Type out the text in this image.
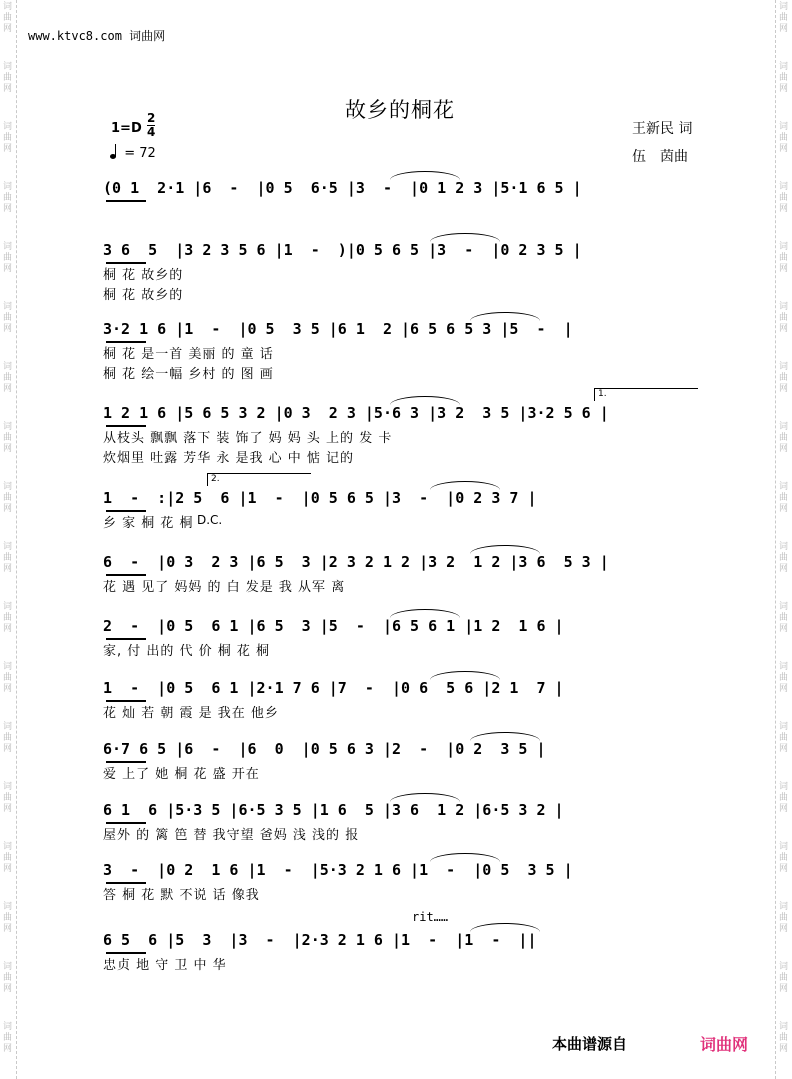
词曲网
词曲网
词曲网
词曲网
词曲网
词曲网
词曲网
词曲网
词曲网
词曲网
词曲网
词曲网
词曲网
词曲网
词曲网
词曲网
词曲网
词曲网
词曲网
词曲网
词曲网
词曲网
词曲网
词曲网
词曲网
词曲网
词曲网
词曲网
词曲网
词曲网
词曲网
词曲网
词曲网
词曲网
词曲网
词曲网
www.ktvc8.com 词曲网
故乡的桐花
王新民 词
伍　茵曲
1=D
2
4
= 72
(0 1  2·1 |6  -  |0 5  6·5 |3  -  |0 1 2 3 |5·1 6 5 |
3 6  5  |3 2 3 5 6 |1  -  )|0 5 6 5 |3  -  |0 2 3 5 |
桐 花 故乡的
桐 花 故乡的
3·2 1 6 |1  -  |0 5  3 5 |6 1  2 |6 5 6 5 3 |5  -  |
桐 花 是一首 美丽 的 童 话
桐 花 绘一幅 乡村 的 图 画
1 2 1 6 |5 6 5 3 2 |0 3  2 3 |5·6 3 |3 2  3 5 |3·2 5 6 |
从枝头 飘飘 落下 装 饰了 妈 妈 头 上的 发 卡
炊烟里 吐露 芳华 永 是我 心 中 惦 记的
1  -  :|2 5  6 |1  -  |0 5 6 5 |3  -  |0 2 3 7 |
乡 家 桐 花 桐
6  -  |0 3  2 3 |6 5  3 |2 3 2 1 2 |3 2  1 2 |3 6  5 3 |
花 遇 见了 妈妈 的 白 发是 我 从军 离
2  -  |0 5  6 1 |6 5  3 |5  -  |6 5 6 1 |1 2  1 6 |
家, 付 出的 代 价 桐 花 桐
1  -  |0 5  6 1 |2·1 7 6 |7  -  |0 6  5 6 |2 1  7 |
花 灿 若 朝 霞 是 我在 他乡
6·7 6 5 |6  -  |6  0  |0 5 6 3 |2  -  |0 2  3 5 |
爱 上了 她 桐 花 盛 开在
6 1  6 |5·3 5 |6·5 3 5 |1 6  5 |3 6  1 2 |6·5 3 2 |
屋外 的 篱 笆 替 我守望 爸妈 浅 浅的 报
3  -  |0 2  1 6 |1  -  |5·3 2 1 6 |1  -  |0 5  3 5 |
答 桐 花 默 不说 话 像我
6 5  6 |5  3  |3  -  |2·3 2 1 6 |1  -  |1  -  ||
忠贞 地 守 卫 中 华
D.C.
rit……
1.
2.
本曲谱源自	词曲网
